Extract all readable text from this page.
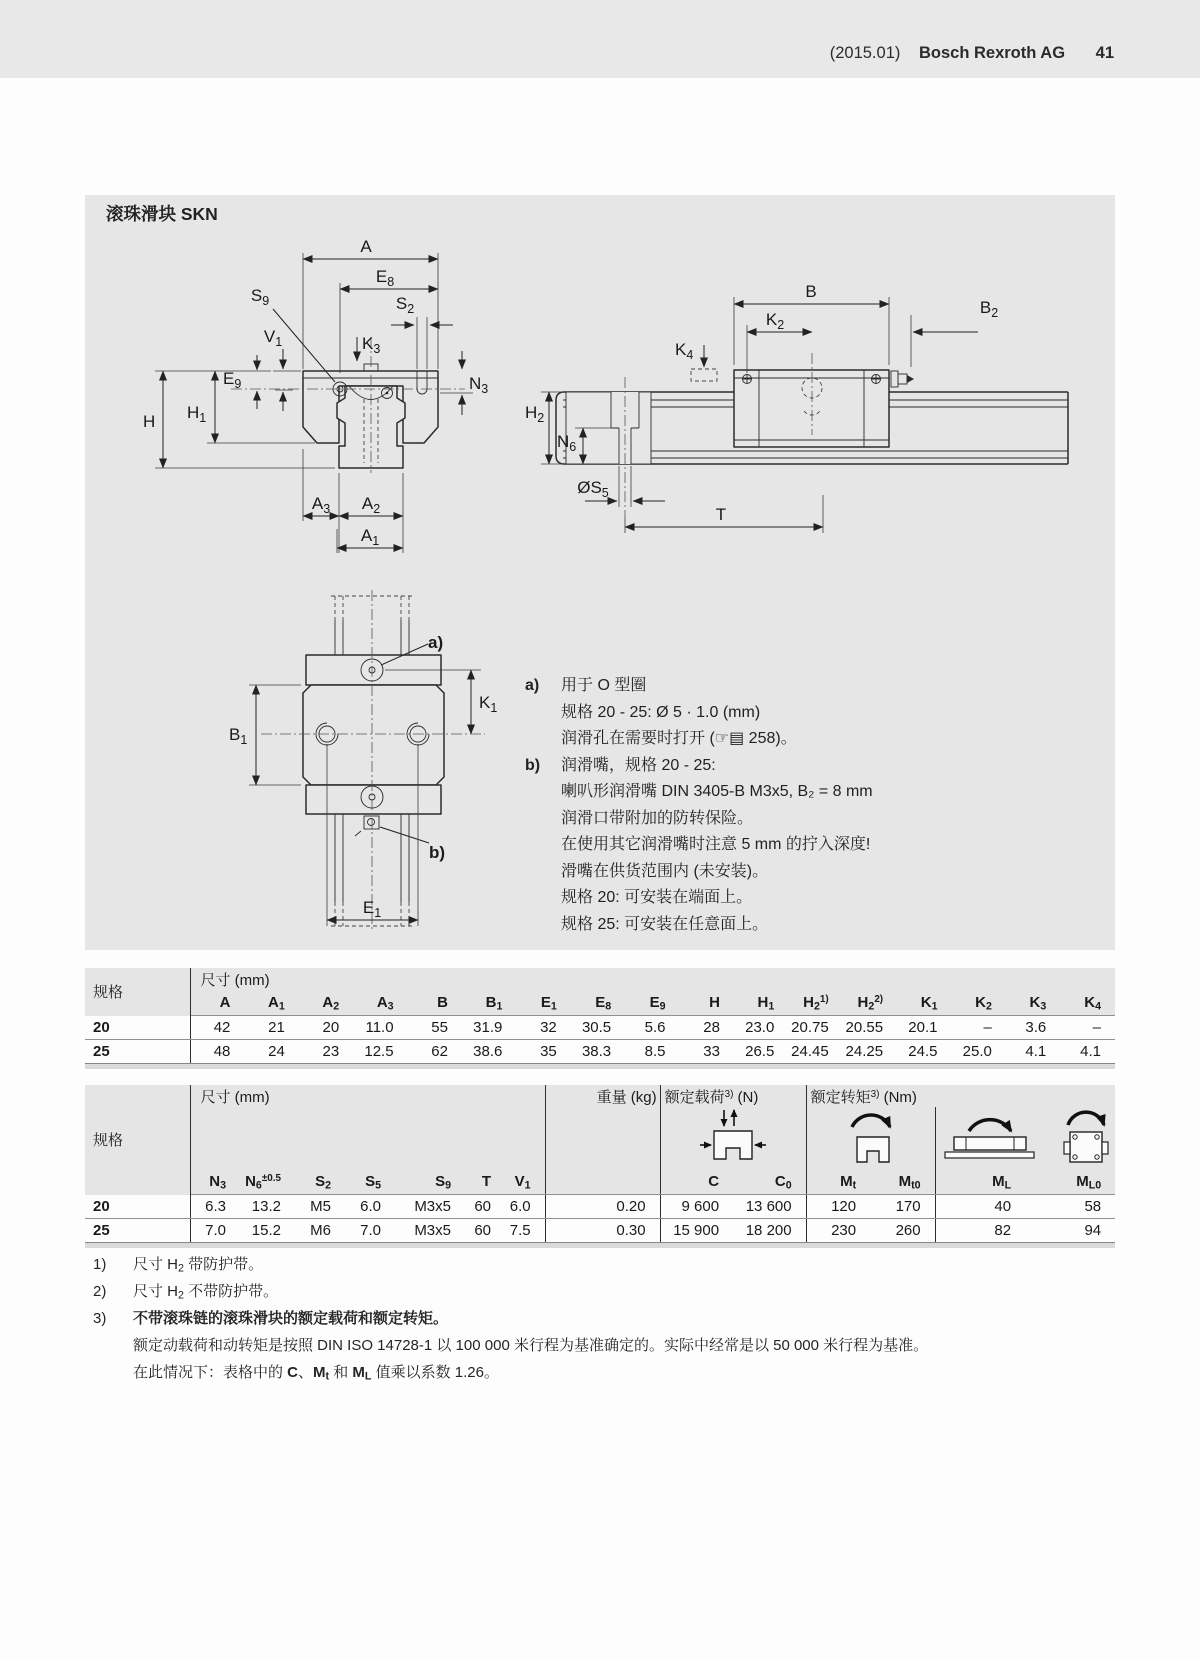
(2015.01) Bosch Rexroth AG 41
滚珠滑块 SKN
A
$E_8$
$S_9$	$S_2$
$V_1$	$K_3$
$N_3$
$E_9$
H $H_1$
$A_3$ $A_2$
$A_1$
B
$K_2$
$B_2$
$K_4$
$H_2$
$N_6$
$ØS_5$
T
a)
b)
$K_1$
$B_1$
$E_1$
a)	用于 O 型圈
规格 20 - 25: Ø 5 · 1.0 (mm)
润滑孔在需要时打开 (☞▤ 258)。
b)	润滑嘴，规格 20 - 25:
喇叭形润滑嘴 DIN 3405-B M3x5, B₂ = 8 mm
润滑口带附加的防转保险。
在使用其它润滑嘴时注意 5 mm 的拧入深度!
滑嘴在供货范围内 (未安装)。
规格 20: 可安装在端面上。
规格 25: 可安装在任意面上。
规格	尺寸 (mm)																
	A	$A_1$	$A_2$	$A_3$	B	$B_1$	$E_1$	$E_8$	$E_9$	H	$H_1$	$H_2^{1)}$	$H_2^{2)}$	$K_1$	$K_2$	$K_3$	$K_4$
20	42	21	20	11.0	55	31.9	32	30.5	5.6	28	23.0	20.75	20.55	20.1	–	3.6	–
25	48	24	23	12.5	62	38.6	35	38.3	8.5	33	26.5	24.45	24.25	24.5	25.0	4.1	4.1
规格	尺寸 (mm)							重量 (kg)	额定载荷$^{3)}$ (N)		额定转矩$^{3)}$ (Nm)			

	$N_3$	$N_6^{\pm 0.5}$	$S_2$	$S_5$	$S_9$	T	$V_1$		C	$C_0$	$M_t$	$M_{t0}$	$M_L$	$M_{L0}$
20	6.3	13.2	M5	6.0	M3x5	60	6.0	0.20	9 600	13 600	120	170	40	58
25	7.0	15.2	M6	7.0	M3x5	60	7.5	0.30	15 900	18 200	230	260	82	94
1)	尺寸 $H_2$ 带防护带。
2)	尺寸 $H_2$ 不带防护带。
3)	不带滚珠链的滚珠滑块的额定载荷和额定转矩。
额定动载荷和动转矩是按照 DIN ISO 14728-1 以 100 000 米行程为基准确定的。实际中经常是以 50 000 米行程为基准。
在此情况下：表格中的 C、$M_t$ 和 $M_L$ 值乘以系数 1.26。
